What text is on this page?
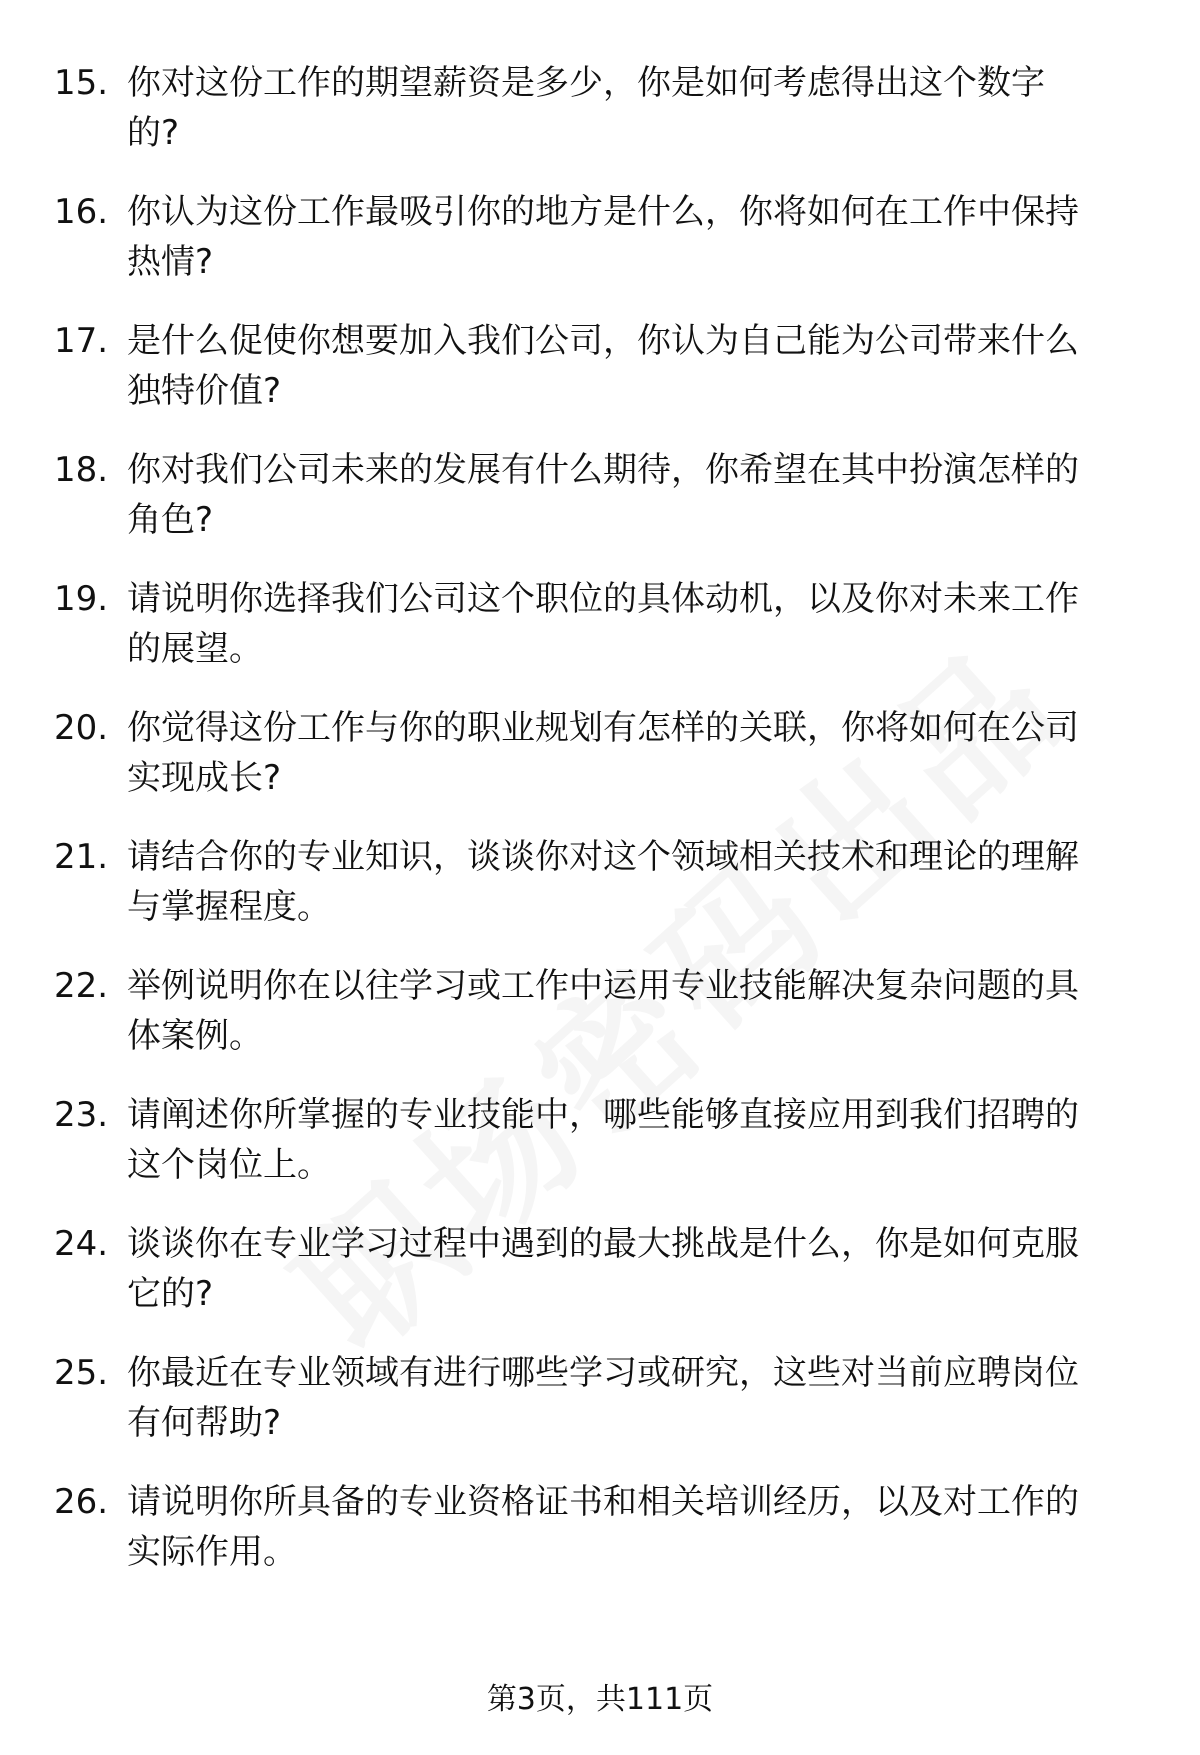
15. 你对这份工作的期望薪资是多少，你是如何考虑得出这个数字
的?
16. 你认为这份工作最吸引你的地方是什么，你将如何在工作中保持
热情?
17. 是什么促使你想要加入我们公司，你认为自己能为公司带来什么
独特价值?
18. 你对我们公司未来的发展有什么期待，你希望在其中扮演怎样的
角色?
19. 请说明你选择我们公司这个职位的具体动机，以及你对未来工作
的展望。
20. 你觉得这份工作与你的职业规划有怎样的关联，你将如何在公司
实现成长?
21. 请结合你的专业知识，谈谈你对这个领域相关技术和理论的理解
与掌握程度。
22. 举例说明你在以往学习或工作中运用专业技能解决复杂问题的具
体案例。
23. 请阐述你所掌握的专业技能中，哪些能够直接应用到我们招聘的
这个岗位上。
24. 谈谈你在专业学习过程中遇到的最大挑战是什么，你是如何克服
它的?
25. 你最近在专业领域有进行哪些学习或研究，这些对当前应聘岗位
有何帮助?
26. 请说明你所具备的专业资格证书和相关培训经历，以及对工作的
实际作用。
第3页，共111页
